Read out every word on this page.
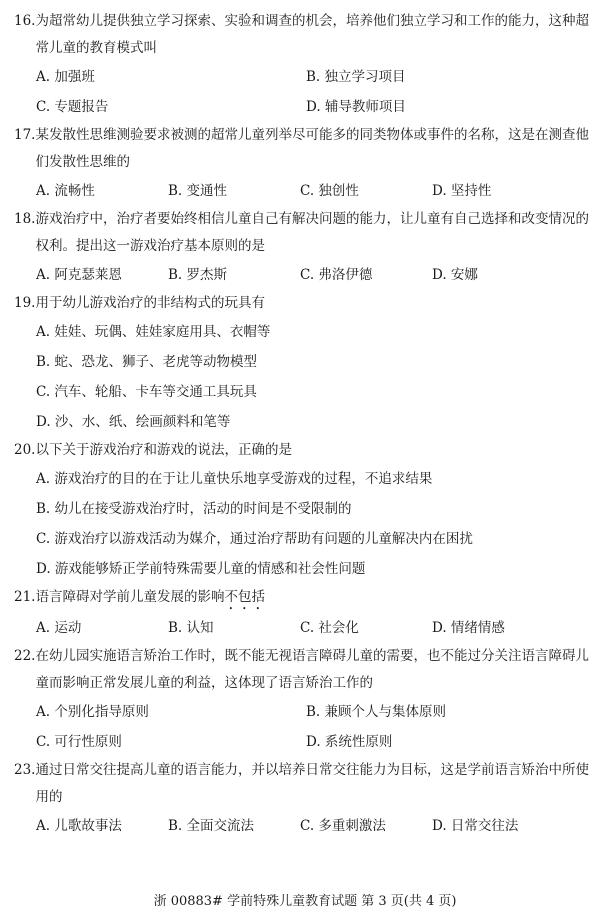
16. 为超常幼儿提供独立学习探索、实验和调查的机会，培养他们独立学习和工作的能力，这种超常儿童的教育模式叫
A. 加强班	B. 独立学习项目
C. 专题报告	D. 辅导教师项目
17. 某发散性思维测验要求被测的超常儿童列举尽可能多的同类物体或事件的名称，这是在测查他们发散性思维的
A. 流畅性	B. 变通性	C. 独创性	D. 坚持性
18. 游戏治疗中，治疗者要始终相信儿童自己有解决问题的能力，让儿童有自己选择和改变情况的权利。提出这一游戏治疗基本原则的是
A. 阿克瑟莱恩	B. 罗杰斯	C. 弗洛伊德	D. 安娜
19. 用于幼儿游戏治疗的非结构式的玩具有
A. 娃娃、玩偶、娃娃家庭用具、衣帽等
B. 蛇、恐龙、狮子、老虎等动物模型
C. 汽车、轮船、卡车等交通工具玩具
D. 沙、水、纸、绘画颜料和笔等
20. 以下关于游戏治疗和游戏的说法，正确的是
A. 游戏治疗的目的在于让儿童快乐地享受游戏的过程，不追求结果
B. 幼儿在接受游戏治疗时，活动的时间是不受限制的
C. 游戏治疗以游戏活动为媒介，通过治疗帮助有问题的儿童解决内在困扰
D. 游戏能够矫正学前特殊需要儿童的情感和社会性问题
21. 语言障碍对学前儿童发展的影响不包括
A. 运动	B. 认知	C. 社会化	D. 情绪情感
22. 在幼儿园实施语言矫治工作时，既不能无视语言障碍儿童的需要，也不能过分关注语言障碍儿童而影响正常发展儿童的利益，这体现了语言矫治工作的
A. 个别化指导原则	B. 兼顾个人与集体原则
C. 可行性原则	D. 系统性原则
23. 通过日常交往提高儿童的语言能力，并以培养日常交往能力为目标，这是学前语言矫治中所使用的
A. 儿歌故事法	B. 全面交流法	C. 多重刺激法	D. 日常交往法
浙 00883# 学前特殊儿童教育试题 第 3 页(共 4 页)
